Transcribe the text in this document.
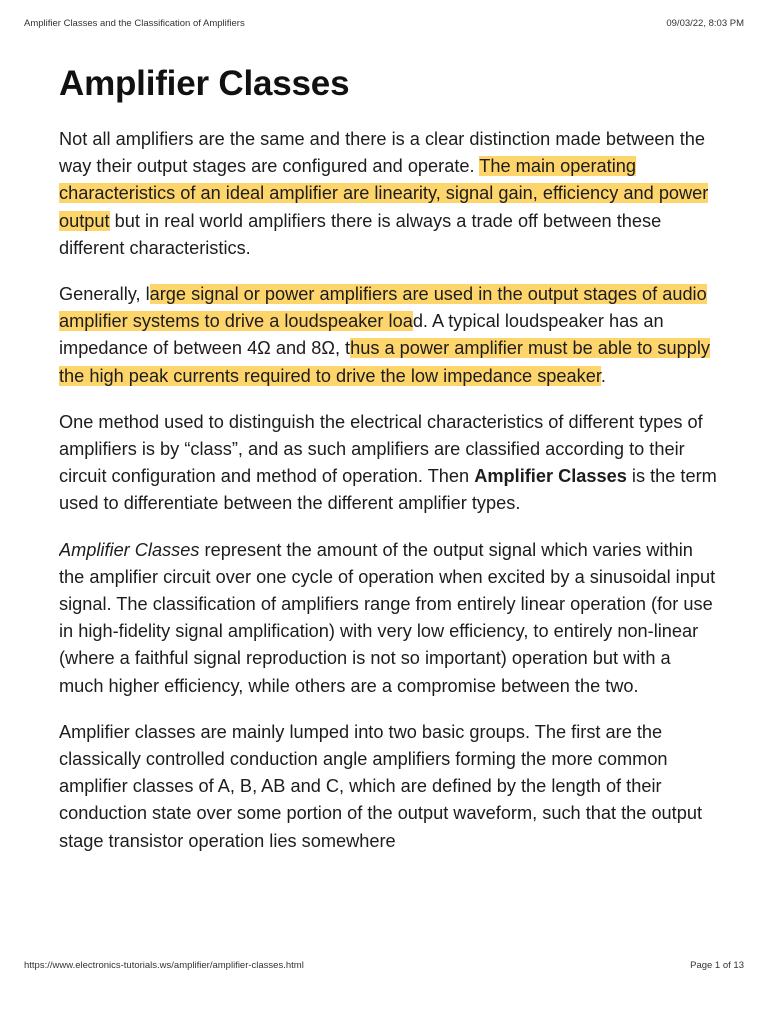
Amplifier Classes and the Classification of Amplifiers	09/03/22, 8:03 PM
Amplifier Classes

Not all amplifiers are the same and there is a clear distinction made between the way their output stages are configured and operate. The main operating characteristics of an ideal amplifier are linearity, signal gain, efficiency and power output but in real world amplifiers there is always a trade off between these different characteristics.

Generally, large signal or power amplifiers are used in the output stages of audio amplifier systems to drive a loudspeaker load. A typical loudspeaker has an impedance of between 4Ω and 8Ω, thus a power amplifier must be able to supply the high peak currents required to drive the low impedance speaker.

One method used to distinguish the electrical characteristics of different types of amplifiers is by “class”, and as such amplifiers are classified according to their circuit configuration and method of operation. Then Amplifier Classes is the term used to differentiate between the different amplifier types.

Amplifier Classes represent the amount of the output signal which varies within the amplifier circuit over one cycle of operation when excited by a sinusoidal input signal. The classification of amplifiers range from entirely linear operation (for use in high-fidelity signal amplification) with very low efficiency, to entirely non-linear (where a faithful signal reproduction is not so important) operation but with a much higher efficiency, while others are a compromise between the two.

Amplifier classes are mainly lumped into two basic groups. The first are the classically controlled conduction angle amplifiers forming the more common amplifier classes of A, B, AB and C, which are defined by the length of their conduction state over some portion of the output waveform, such that the output stage transistor operation lies somewhere

https://www.electronics-tutorials.ws/amplifier/amplifier-classes.html	Page 1 of 13
